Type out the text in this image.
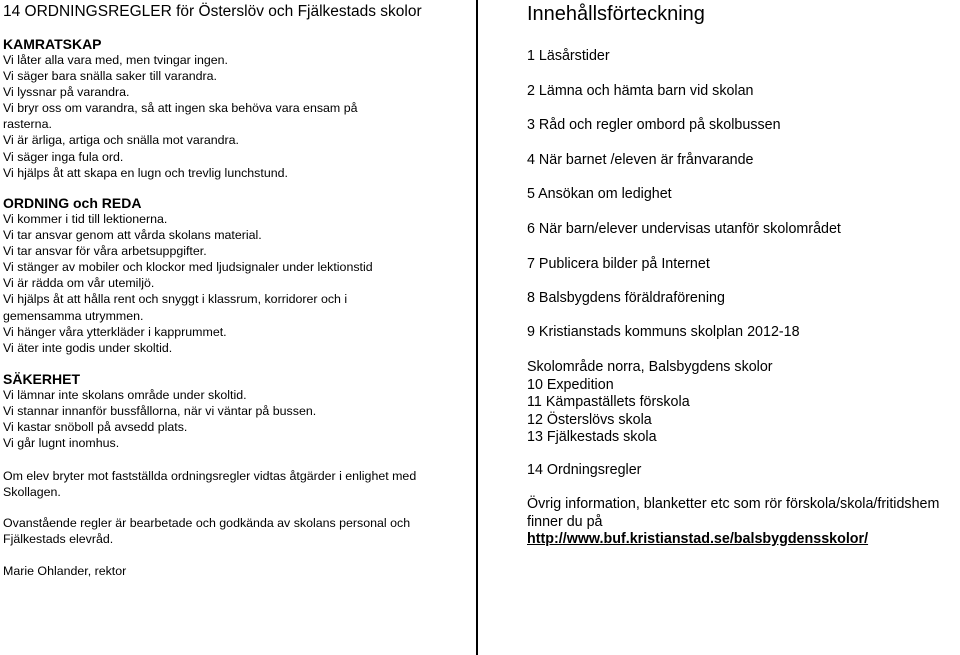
14 ORDNINGSREGLER för Österslöv och Fjälkestads skolor

KAMRATSKAP

Vi låter alla vara med, men tvingar ingen.

Vi säger bara snälla saker till varandra.

Vi lyssnar på varandra.

Vi bryr oss om varandra, så att ingen ska behöva vara ensam på

rasterna.

Vi är ärliga, artiga och snälla mot varandra.

Vi säger inga fula ord.

Vi hjälps åt att skapa en lugn och trevlig lunchstund.

ORDNING och REDA

Vi kommer i tid till lektionerna.

Vi tar ansvar genom att vårda skolans material.

Vi tar ansvar för våra arbetsuppgifter.

Vi stänger av mobiler och klockor med ljudsignaler under lektionstid

Vi är rädda om vår utemiljö.

Vi hjälps åt att hålla rent och snyggt i klassrum, korridorer och i

gemensamma utrymmen.

Vi hänger våra ytterkläder i kapprummet.

Vi äter inte godis under skoltid.

SÄKERHET

Vi lämnar inte skolans område under skoltid.

Vi stannar innanför bussfållorna, när vi väntar på bussen.

Vi kastar snöboll på avsedd plats.

Vi går lugnt inomhus.

Om elev bryter mot fastställda ordningsregler vidtas åtgärder i enlighet med Skollagen.

Ovanstående regler är bearbetade och godkända av skolans personal och Fjälkestads elevråd.

Marie Ohlander, rektor

Innehållsförteckning
1 Läsårstider
2 Lämna och hämta barn vid skolan
3 Råd och regler ombord på skolbussen
4 När barnet /eleven är frånvarande
5 Ansökan om ledighet
6 När barn/elever undervisas utanför skolområdet
7 Publicera bilder på Internet
8 Balsbygdens föräldraförening
9 Kristianstads kommuns skolplan 2012-18
Skolområde norra, Balsbygdens skolor
10 Expedition
11 Kämpaställets förskola
12 Österslövs skola
13 Fjälkestads skola
14 Ordningsregler
Övrig information, blanketter etc som rör förskola/skola/fritidshem
finner du på
http://www.buf.kristianstad.se/balsbygdensskolor/
